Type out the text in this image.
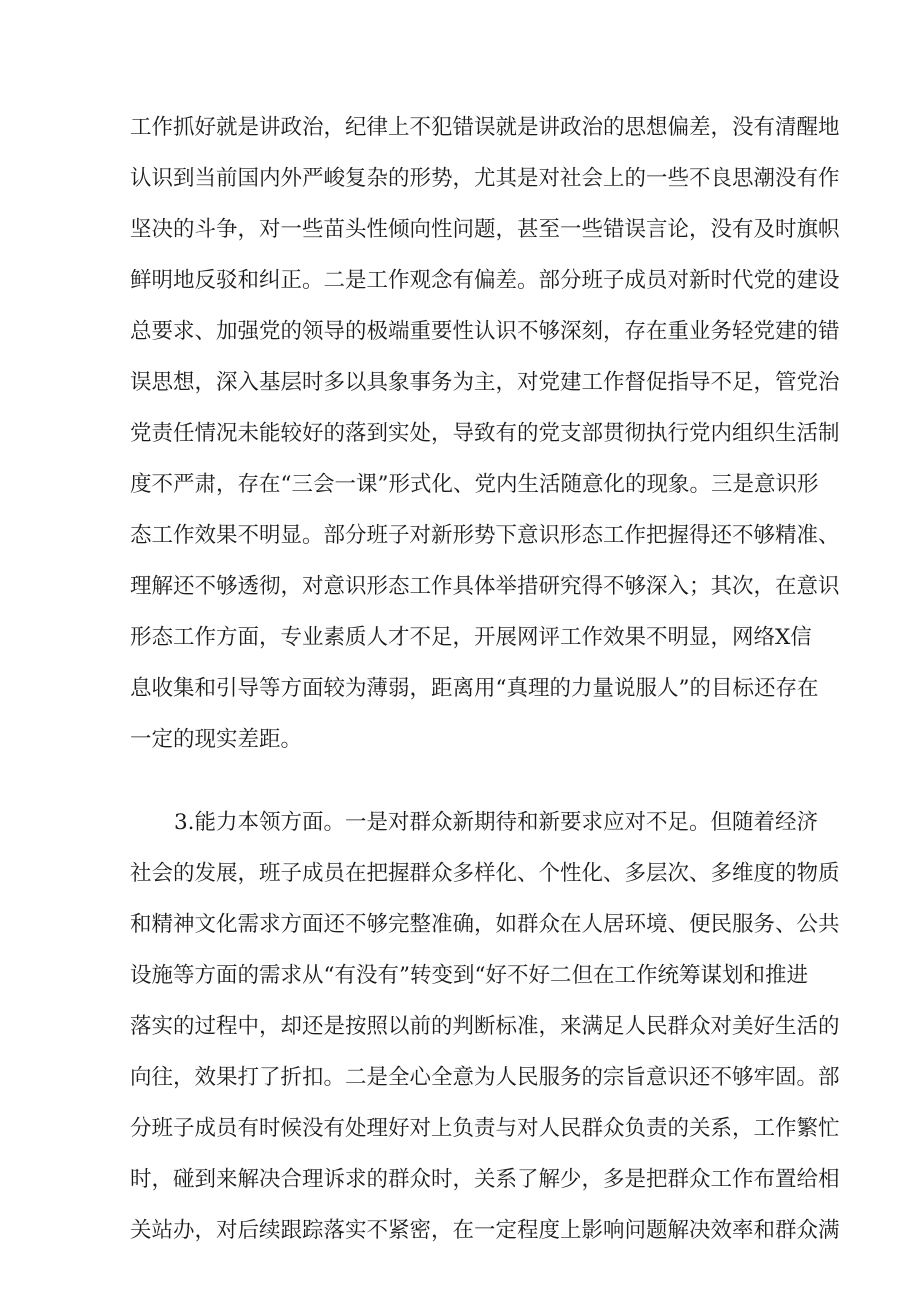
工作抓好就是讲政治，纪律上不犯错误就是讲政治的思想偏差，没有清醒地
认识到当前国内外严峻复杂的形势，尤其是对社会上的一些不良思潮没有作
坚决的斗争，对一些苗头性倾向性问题，甚至一些错误言论，没有及时旗帜
鲜明地反驳和纠正。二是工作观念有偏差。部分班子成员对新时代党的建设
总要求、加强党的领导的极端重要性认识不够深刻，存在重业务轻党建的错
误思想，深入基层时多以具象事务为主，对党建工作督促指导不足，管党治
党责任情况未能较好的落到实处，导致有的党支部贯彻执行党内组织生活制
度不严肃，存在“三会一课”形式化、党内生活随意化的现象。三是意识形
态工作效果不明显。部分班子对新形势下意识形态工作把握得还不够精准、
理解还不够透彻，对意识形态工作具体举措研究得不够深入；其次，在意识
形态工作方面，专业素质人才不足，开展网评工作效果不明显，网络X信
息收集和引导等方面较为薄弱，距离用“真理的力量说服人”的目标还存在
一定的现实差距。
3.能力本领方面。一是对群众新期待和新要求应对不足。但随着经济
社会的发展，班子成员在把握群众多样化、个性化、多层次、多维度的物质
和精神文化需求方面还不够完整准确，如群众在人居环境、便民服务、公共
设施等方面的需求从“有没有”转变到“好不好二但在工作统筹谋划和推进
落实的过程中，却还是按照以前的判断标准，来满足人民群众对美好生活的
向往，效果打了折扣。二是全心全意为人民服务的宗旨意识还不够牢固。部
分班子成员有时候没有处理好对上负责与对人民群众负责的关系，工作繁忙
时，碰到来解决合理诉求的群众时，关系了解少，多是把群众工作布置给相
关站办，对后续跟踪落实不紧密，在一定程度上影响问题解决效率和群众满
